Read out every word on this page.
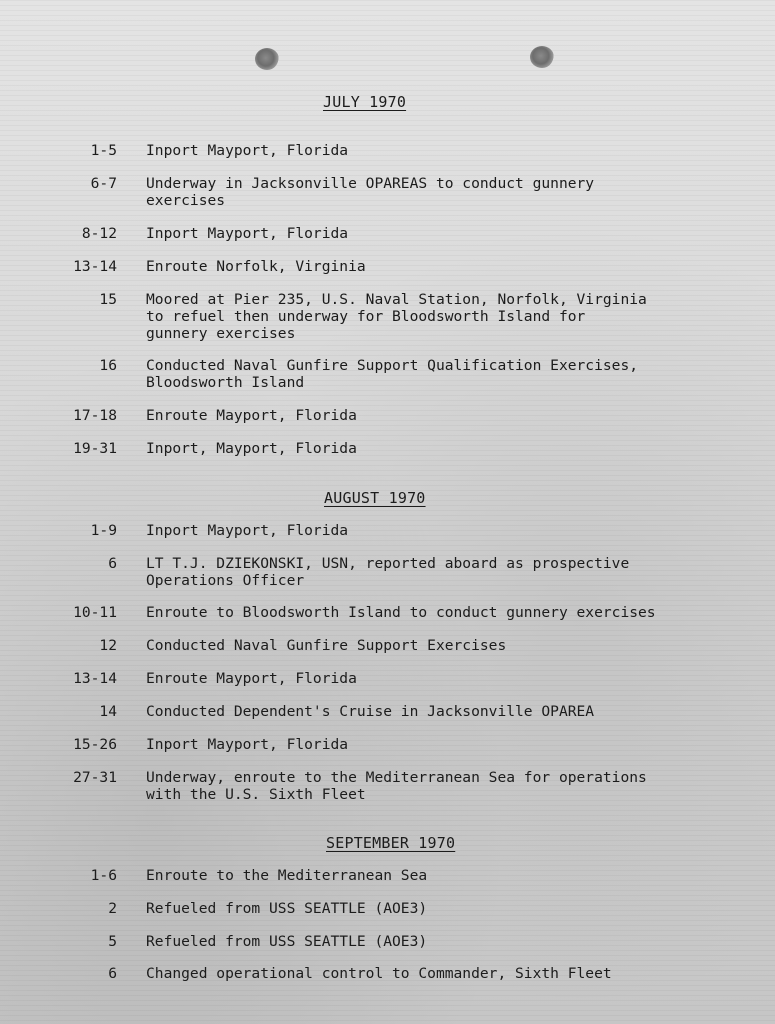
JULY 1970
1-5 Inport Mayport, Florida
6-7 Underway in Jacksonville OPAREAS to conduct gunnery
exercises
8-12 Inport Mayport, Florida
13-14 Enroute Norfolk, Virginia
15 Moored at Pier 235, U.S. Naval Station, Norfolk, Virginia
to refuel then underway for Bloodsworth Island for
gunnery exercises
16 Conducted Naval Gunfire Support Qualification Exercises,
Bloodsworth Island
17-18 Enroute Mayport, Florida
19-31 Inport, Mayport, Florida
AUGUST 1970
1-9 Inport Mayport, Florida
6 LT T.J. DZIEKONSKI, USN, reported aboard as prospective
Operations Officer
10-11 Enroute to Bloodsworth Island to conduct gunnery exercises
12 Conducted Naval Gunfire Support Exercises
13-14 Enroute Mayport, Florida
14 Conducted Dependent's Cruise in Jacksonville OPAREA
15-26 Inport Mayport, Florida
27-31 Underway, enroute to the Mediterranean Sea for operations
with the U.S. Sixth Fleet
SEPTEMBER 1970
1-6 Enroute to the Mediterranean Sea
2 Refueled from USS SEATTLE (AOE3)
5 Refueled from USS SEATTLE (AOE3)
6 Changed operational control to Commander, Sixth Fleet
